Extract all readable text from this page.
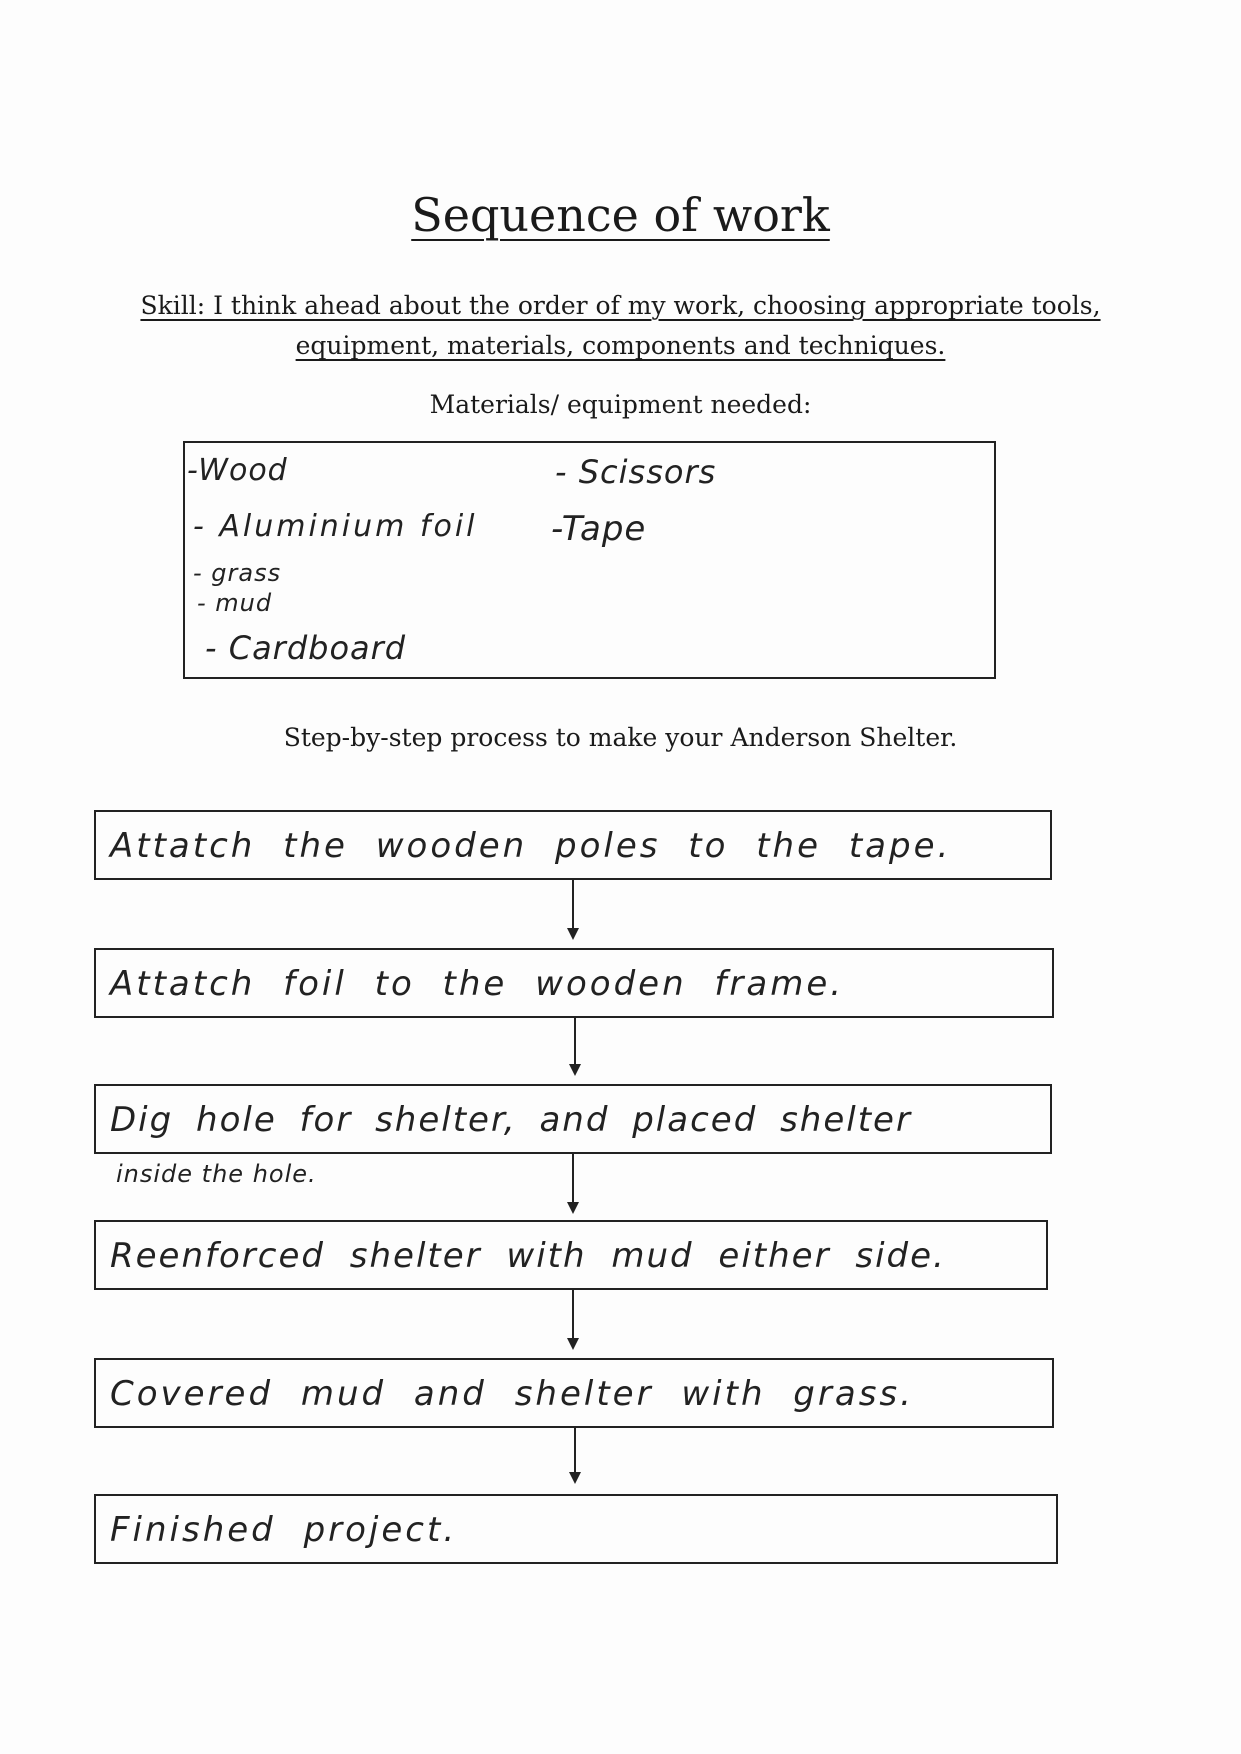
Sequence of work
Skill: I think ahead about the order of my work, choosing appropriate tools,
equipment, materials, components and techniques.
Materials/ equipment needed:
-Wood
- Aluminium foil
- grass
- mud
- Cardboard
- Scissors
-Tape
Step-by-step process to make your Anderson Shelter.
Attatch the wooden poles to the tape.
Attatch foil to the wooden frame.
Dig hole for shelter, and placed shelter
inside the hole.
Reenforced shelter with mud either side.
Covered mud and shelter with grass.
Finished project.
